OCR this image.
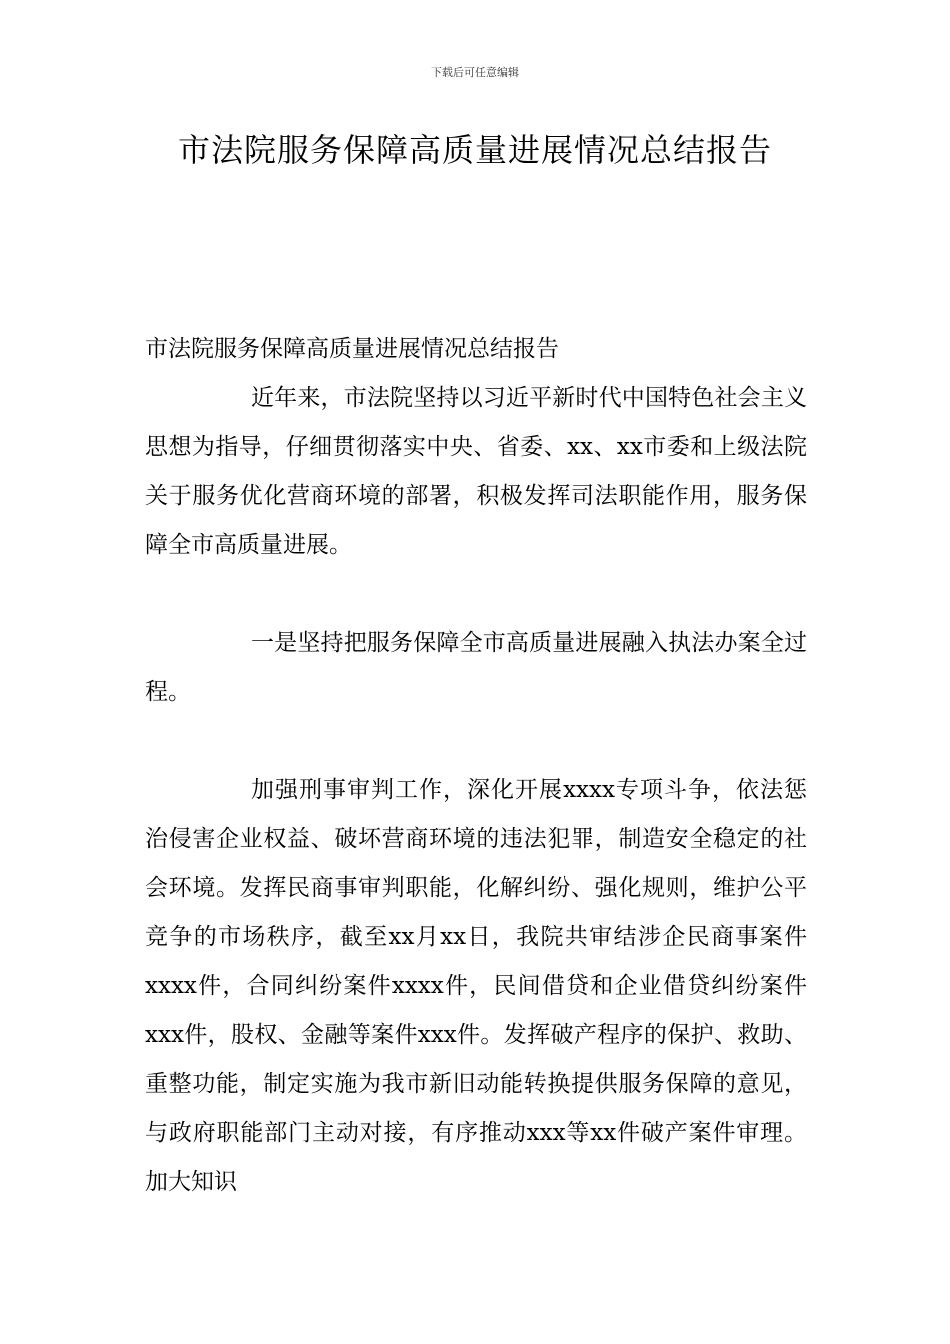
下载后可任意编辑
市法院服务保障高质量进展情况总结报告

市法院服务保障高质量进展情况总结报告

近年来，市法院坚持以习近平新时代中国特色社会主义思想为指导，仔细贯彻落实中央、省委、xx、xx市委和上级法院关于服务优化营商环境的部署，积极发挥司法职能作用，服务保障全市高质量进展。

一是坚持把服务保障全市高质量进展融入执法办案全过程。

加强刑事审判工作，深化开展xxxx专项斗争，依法惩治侵害企业权益、破坏营商环境的违法犯罪，制造安全稳定的社会环境。发挥民商事审判职能，化解纠纷、强化规则，维护公平竞争的市场秩序，截至xx月xx日，我院共审结涉企民商事案件xxxx件，合同纠纷案件xxxx件，民间借贷和企业借贷纠纷案件xxx件，股权、金融等案件xxx件。发挥破产程序的保护、救助、重整功能，制定实施为我市新旧动能转换提供服务保障的意见，与政府职能部门主动对接，有序推动xxx等xx件破产案件审理。加大知识
